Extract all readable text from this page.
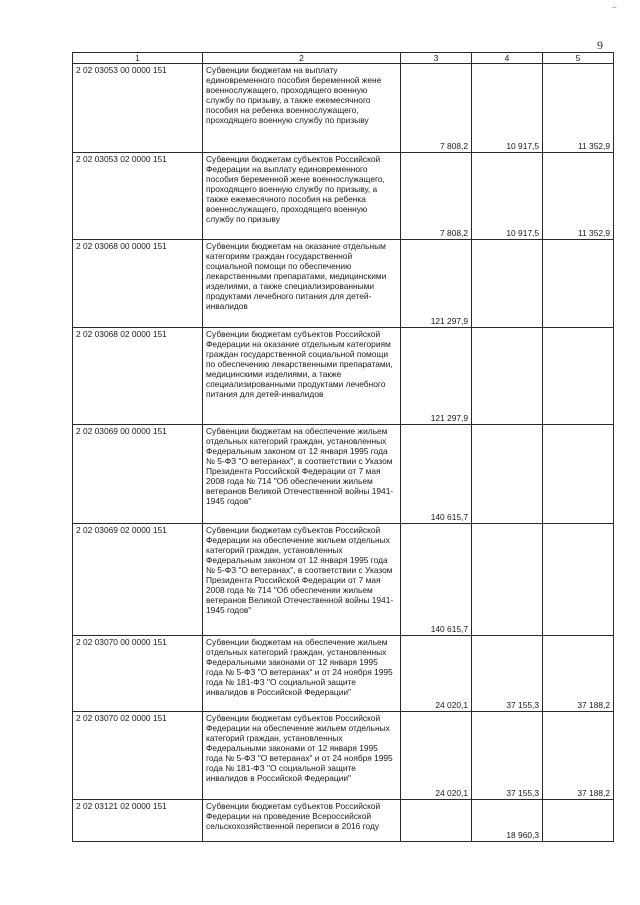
..
9
1	2	3	4	5
2 02 03053 00 0000 151	Субвенции бюджетам на выплату единовременного пособия беременной жене военнослужащего, проходящего военную службу по призыву, а также ежемесячного пособия на ребенка военнослужащего, проходящего военную службу по призыву	7 808,2	10 917,5	11 352,9
2 02 03053 02 0000 151	Субвенции бюджетам субъектов Российской Федерации на выплату единовременного пособия беременной жене военнослужащего, проходящего военную службу по призыву, а также ежемесячного пособия на ребенка военнослужащего, проходящего военную службу по призыву	7 808,2	10 917,5	11 352,9
2 02 03068 00 0000 151	Субвенции бюджетам на оказание отдельным категориям граждан государственной социальной помощи по обеспечению лекарственными препаратами, медицинскими изделиями, а также специализированными продуктами лечебного питания для детей-инвалидов	121 297,9		
2 02 03068 02 0000 151	Субвенции бюджетам субъектов Российской Федерации на оказание отдельным категориям граждан государственной социальной помощи по обеспечению лекарственными препаратами, медицинскими изделиями, а также специализированными продуктами лечебного питания для детей-инвалидов	121 297,9		
2 02 03069 00 0000 151	Субвенции бюджетам на обеспечение жильем отдельных категорий граждан, установленных Федеральным законом от 12 января 1995 года № 5-ФЗ "О ветеранах", в соответствии с Указом Президента Российской Федерации от 7 мая 2008 года № 714 "Об обеспечении жильем ветеранов Великой Отечественной войны 1941-1945 годов"	140 615,7		
2 02 03069 02 0000 151	Субвенции бюджетам субъектов Российской Федерации на обеспечение жильем отдельных категорий граждан, установленных Федеральным законом от 12 января 1995 года № 5-ФЗ "О ветеранах", в соответствии с Указом Президента Российской Федерации от 7 мая 2008 года № 714 "Об обеспечении жильем ветеранов Великой Отечественной войны 1941-1945 годов"	140 615,7		
2 02 03070 00 0000 151	Субвенции бюджетам на обеспечение жильем отдельных категорий граждан, установленных Федеральными законами от 12 января 1995 года № 5-ФЗ "О ветеранах" и от 24 ноября 1995 года № 181-ФЗ "О социальной защите инвалидов в Российской Федерации"	24 020,1	37 155,3	37 188,2
2 02 03070 02 0000 151	Субвенции бюджетам субъектов Российской Федерации на обеспечение жильем отдельных категорий граждан, установленных Федеральными законами от 12 января 1995 года № 5-ФЗ "О ветеранах" и от 24 ноября 1995 года № 181-ФЗ "О социальной защите инвалидов в Российской Федерации"	24 020,1	37 155,3	37 188,2
2 02 03121 02 0000 151	Субвенции бюджетам субъектов Российской Федерации на проведение Всероссийской сельскохозяйственной переписи в 2016 году		18 960,3	
